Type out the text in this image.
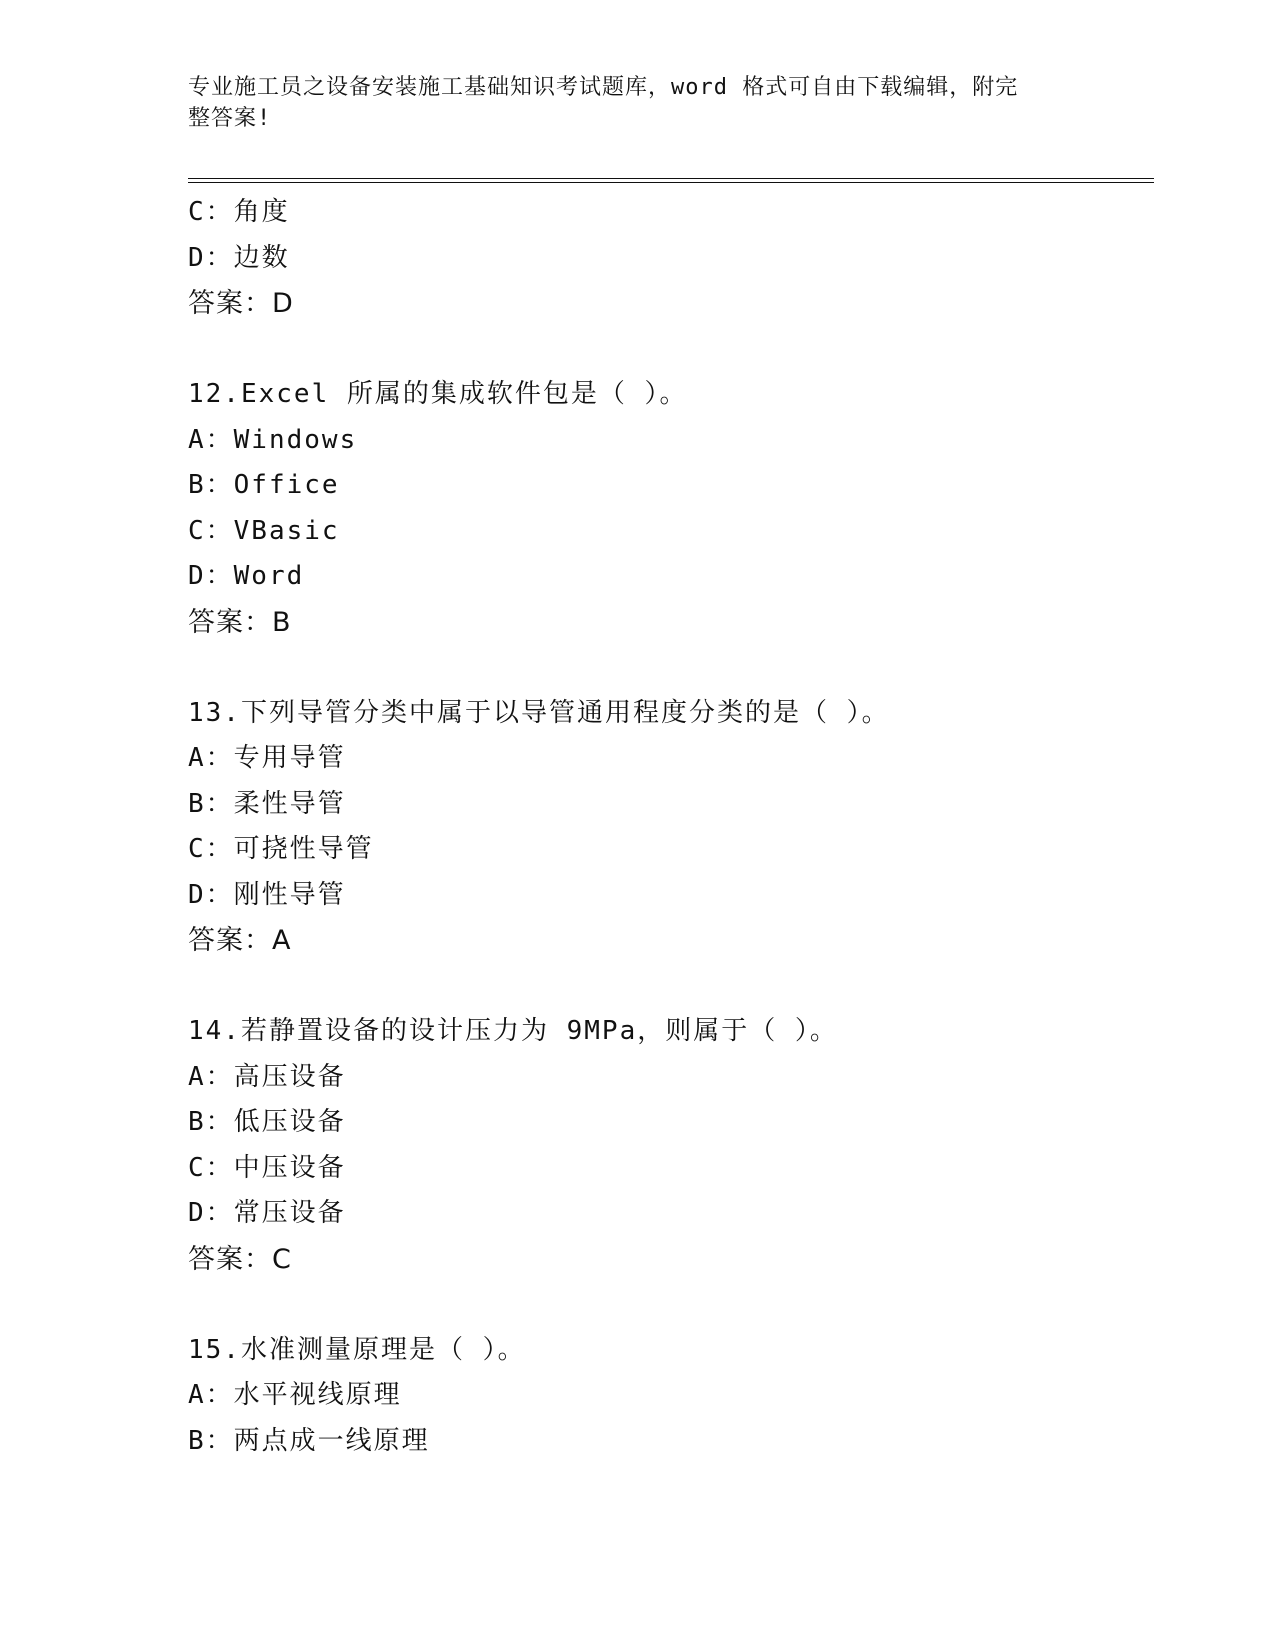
专业施工员之设备安装施工基础知识考试题库，word 格式可自由下载编辑，附完
整答案!
C：角度
D：边数
答案：D
12.Excel 所属的集成软件包是（ ）。
A：Windows
B：Office
C：VBasic
D：Word
答案：B
13.下列导管分类中属于以导管通用程度分类的是（ ）。
A：专用导管
B：柔性导管
C：可挠性导管
D：刚性导管
答案：A
14.若静置设备的设计压力为 9MPa，则属于（ ）。
A：高压设备
B：低压设备
C：中压设备
D：常压设备
答案：C
15.水准测量原理是（ ）。
A：水平视线原理
B：两点成一线原理
